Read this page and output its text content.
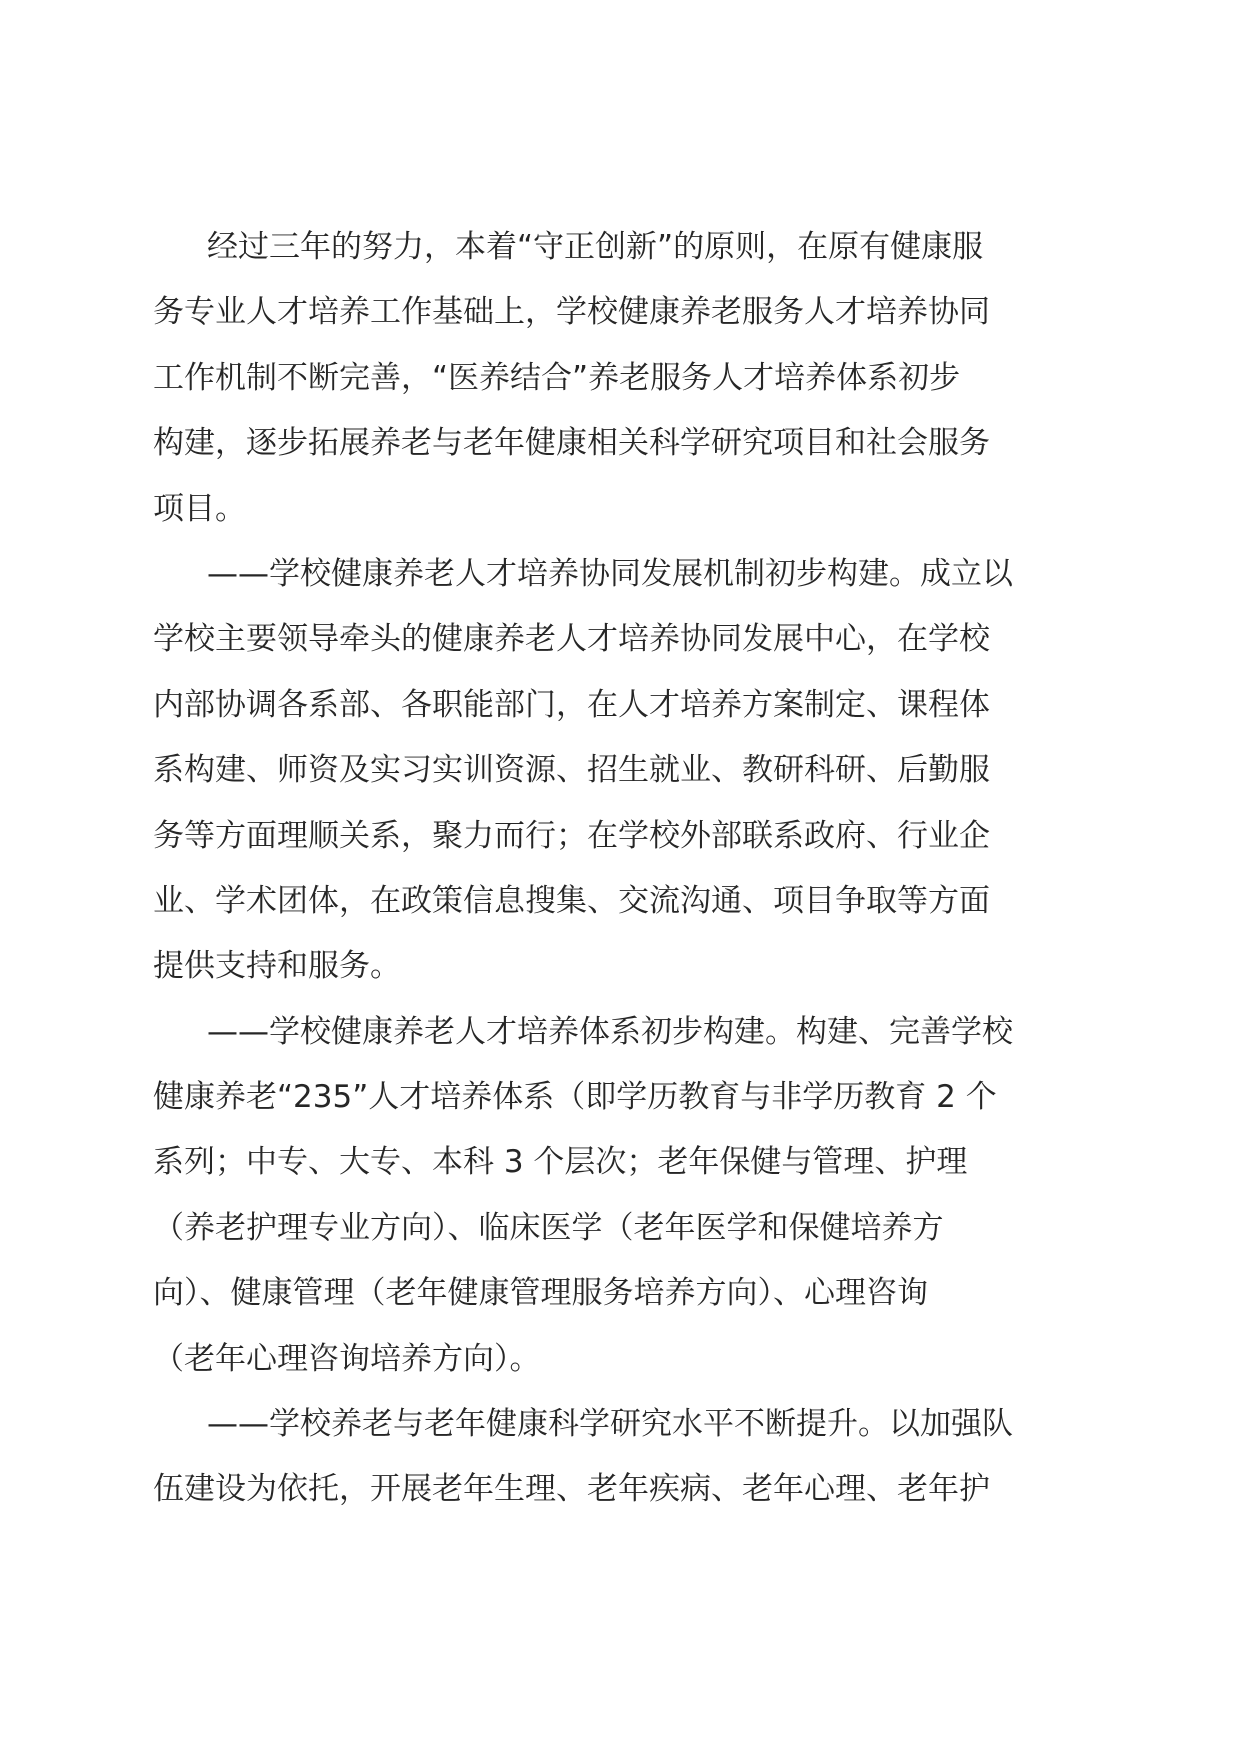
经过三年的努力，本着“守正创新”的原则，在原有健康服
务专业人才培养工作基础上，学校健康养老服务人才培养协同
工作机制不断完善，“医养结合”养老服务人才培养体系初步
构建，逐步拓展养老与老年健康相关科学研究项目和社会服务
项目。

——学校健康养老人才培养协同发展机制初步构建。成立以
学校主要领导牵头的健康养老人才培养协同发展中心，在学校
内部协调各系部、各职能部门，在人才培养方案制定、课程体
系构建、师资及实习实训资源、招生就业、教研科研、后勤服
务等方面理顺关系，聚力而行；在学校外部联系政府、行业企
业、学术团体，在政策信息搜集、交流沟通、项目争取等方面
提供支持和服务。

——学校健康养老人才培养体系初步构建。构建、完善学校
健康养老“235”人才培养体系（即学历教育与非学历教育 2 个
系列；中专、大专、本科 3 个层次；老年保健与管理、护理
（养老护理专业方向）、临床医学（老年医学和保健培养方
向）、健康管理（老年健康管理服务培养方向）、心理咨询
（老年心理咨询培养方向）。

——学校养老与老年健康科学研究水平不断提升。以加强队
伍建设为依托，开展老年生理、老年疾病、老年心理、老年护
